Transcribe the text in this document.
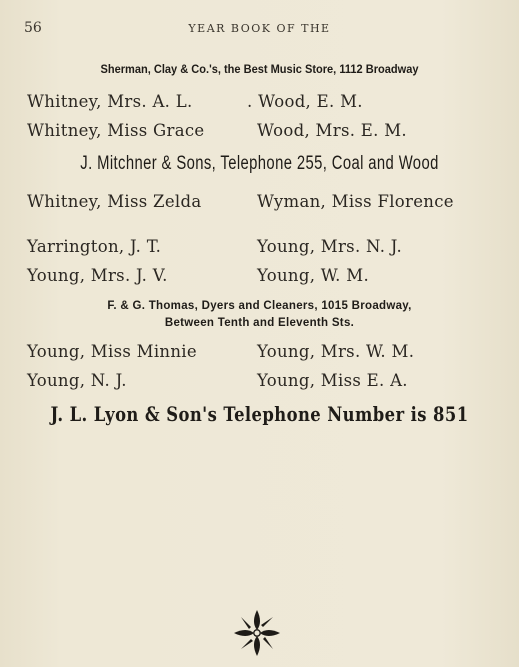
56	YEAR BOOK OF THE
Sherman, Clay & Co.'s, the Best Music Store, 1112 Broadway
Whitney, Mrs. A. L.	. Wood, E. M.
Whitney, Miss Grace	Wood, Mrs. E. M.
J. Mitchner & Sons, Telephone 255, Coal and Wood
Whitney, Miss Zelda	Wyman, Miss Florence
Yarrington, J. T.	Young, Mrs. N. J.
Young, Mrs. J. V.	Young, W. M.
F. & G. Thomas, Dyers and Cleaners, 1015 Broadway,
Between Tenth and Eleventh Sts.
Young, Miss Minnie	Young, Mrs. W. M.
Young, N. J.	Young, Miss E. A.
J. L. Lyon & Son's Telephone Number is 851
